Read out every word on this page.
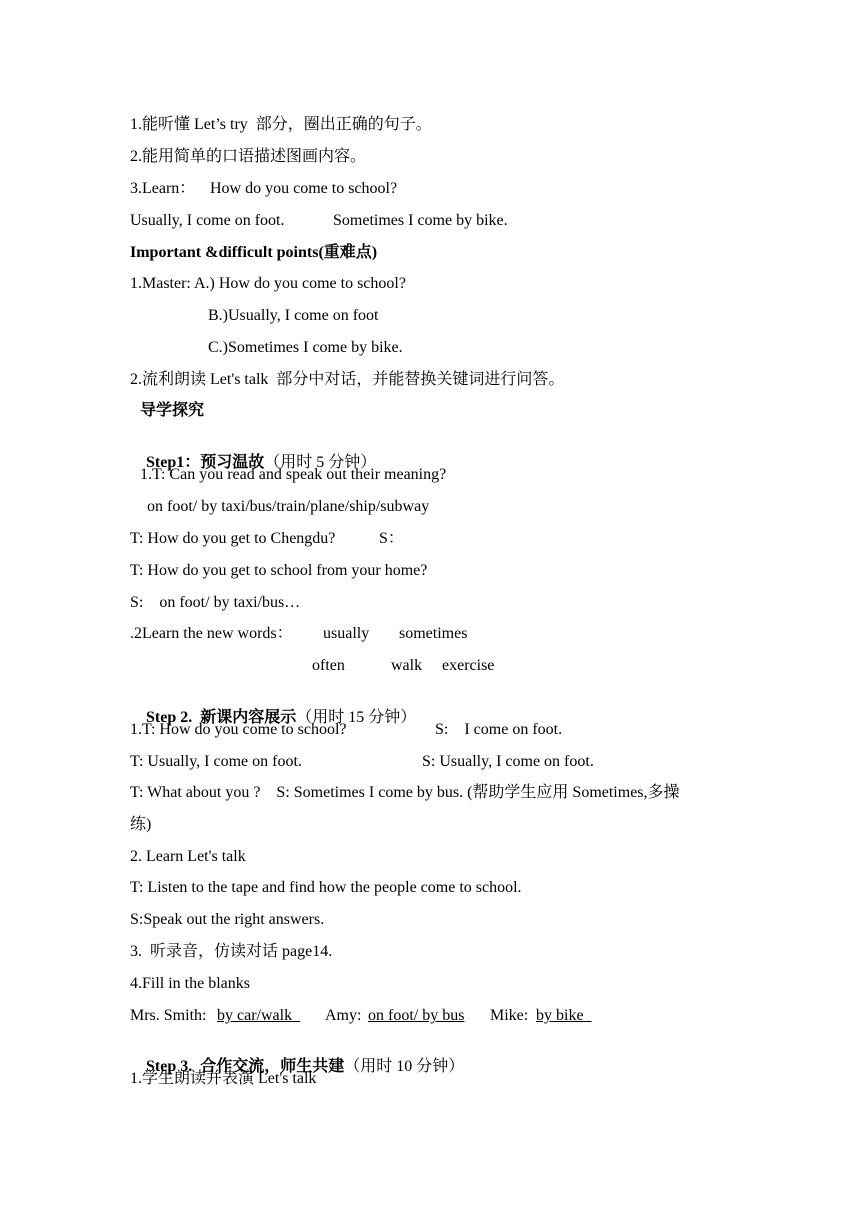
1.能听懂 Let’s try  部分，圈出正确的句子。
2.能用简单的口语描述图画内容。
3.Learn： How do you come to school?
Usually, I come on foot.	Sometimes I come by bike.
Important &difficult points(重难点)
1.Master: A.) How do you come to school?
B.)Usually, I come on foot
C.)Sometimes I come by bike.
2.流利朗读 Let's talk  部分中对话，并能替换关键词进行问答。
导学探究

Step1：预习温故（用时 5 分钟）

1.T: Can you read and speak out their meaning?
on foot/ by taxi/bus/train/plane/ship/subway
T: How do you get to Chengdu?	S：
T: How do you get to school from your home?
S:    on foot/ by taxi/bus…
.2Learn the new words： usually sometimes
often	walk exercise

Step 2.  新课内容展示（用时 15 分钟）

1.T: How do you come to school?	S:    I come on foot.
T: Usually, I come on foot.	S: Usually, I come on foot.
T: What about you ?    S: Sometimes I come by bus. (帮助学生应用 Sometimes,多操
练)
2. Learn Let's talk
T: Listen to the tape and find how the people come to school.
S:Speak out the right answers.
3.  听录音，仿读对话 page14.
4.Fill in the blanks
Mrs. Smith: by car/walk Amy: on foot/ by bus Mike: by bike

Step 3.  合作交流，师生共建（用时 10 分钟）

1.学生朗读并表演 Let's talk
